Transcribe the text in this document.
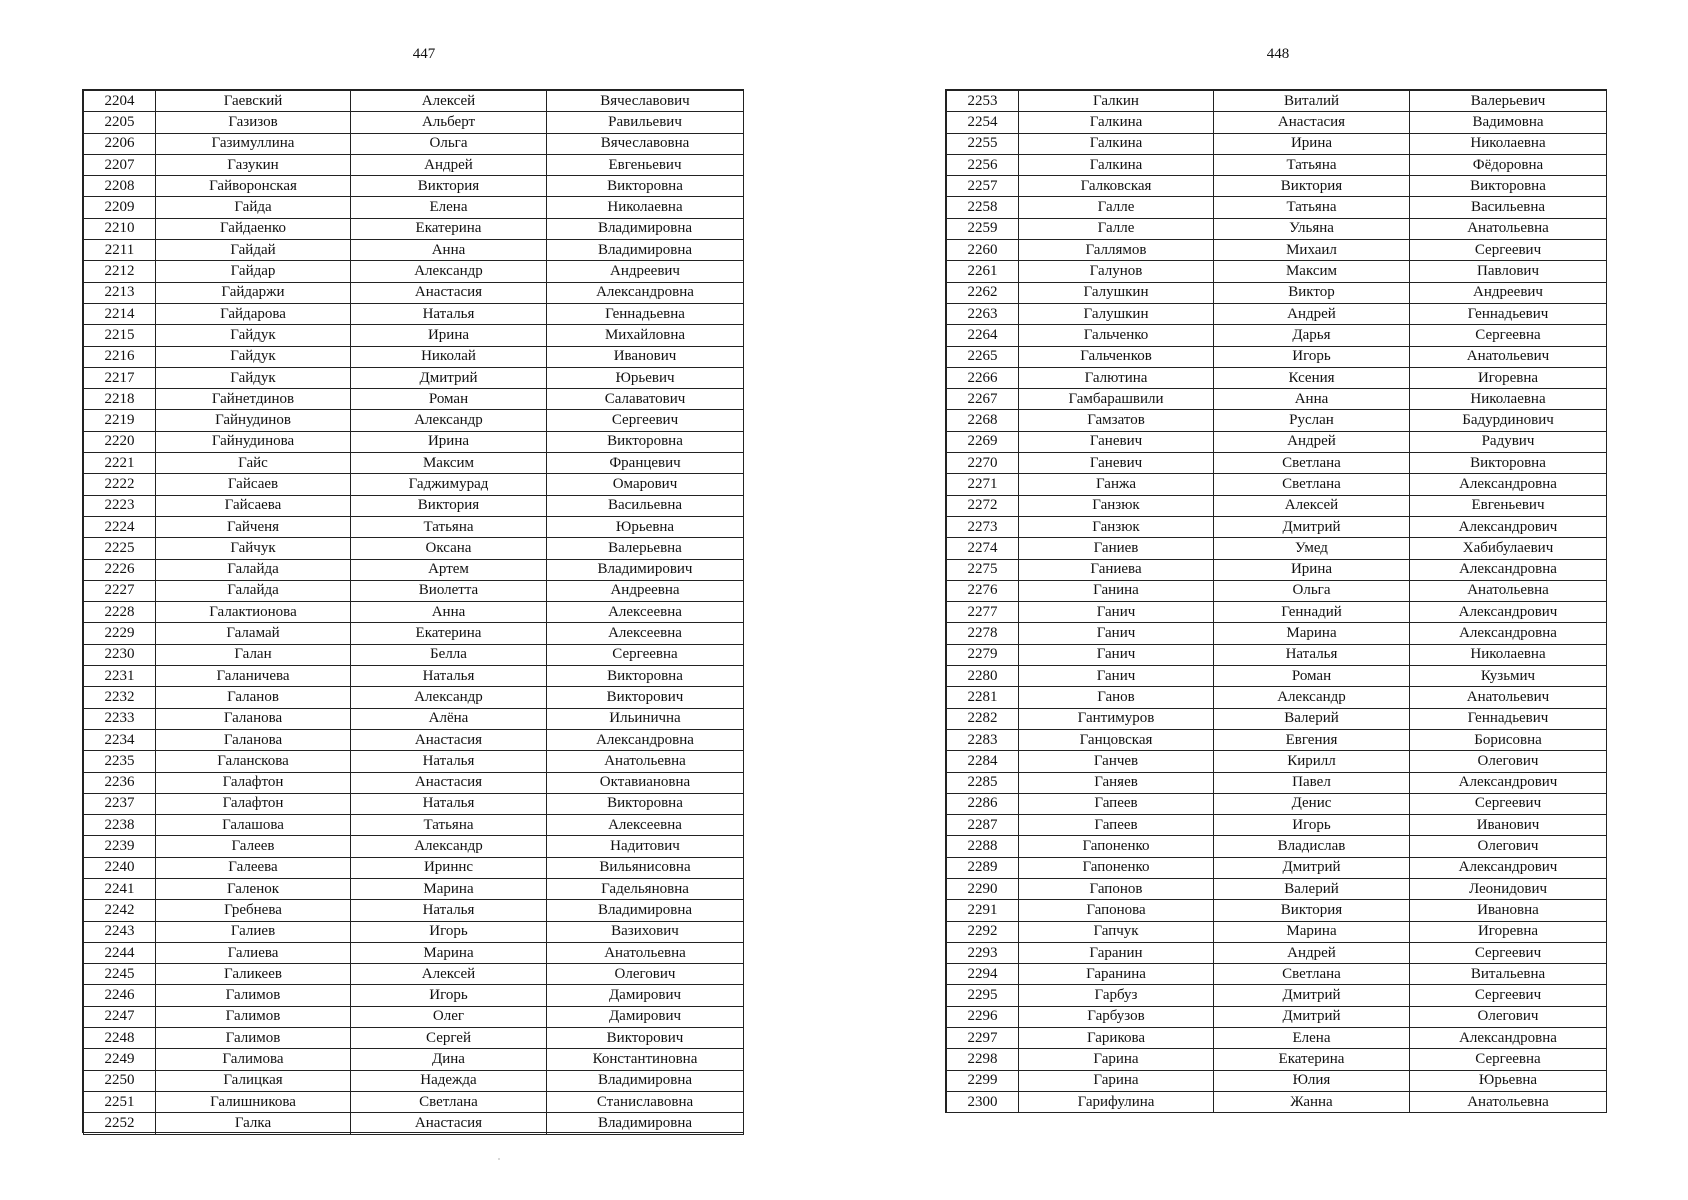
447	448
2204	Гаевский	Алексей	Вячеславович
2205	Газизов	Альберт	Равильевич
2206	Газимуллина	Ольга	Вячеславовна
2207	Газукин	Андрей	Евгеньевич
2208	Гайворонская	Виктория	Викторовна
2209	Гайда	Елена	Николаевна
2210	Гайдаенко	Екатерина	Владимировна
2211	Гайдай	Анна	Владимировна
2212	Гайдар	Александр	Андреевич
2213	Гайдаржи	Анастасия	Александровна
2214	Гайдарова	Наталья	Геннадьевна
2215	Гайдук	Ирина	Михайловна
2216	Гайдук	Николай	Иванович
2217	Гайдук	Дмитрий	Юрьевич
2218	Гайнетдинов	Роман	Салаватович
2219	Гайнудинов	Александр	Сергеевич
2220	Гайнудинова	Ирина	Викторовна
2221	Гайс	Максим	Францевич
2222	Гайсаев	Гаджимурад	Омарович
2223	Гайсаева	Виктория	Васильевна
2224	Гайченя	Татьяна	Юрьевна
2225	Гайчук	Оксана	Валерьевна
2226	Галайда	Артем	Владимирович
2227	Галайда	Виолетта	Андреевна
2228	Галактионова	Анна	Алексеевна
2229	Галамай	Екатерина	Алексеевна
2230	Галан	Белла	Сергеевна
2231	Галаничева	Наталья	Викторовна
2232	Галанов	Александр	Викторович
2233	Галанова	Алёна	Ильинична
2234	Галанова	Анастасия	Александровна
2235	Галанскова	Наталья	Анатольевна
2236	Галафтон	Анастасия	Октавиановна
2237	Галафтон	Наталья	Викторовна
2238	Галашова	Татьяна	Алексеевна
2239	Галеев	Александр	Надитович
2240	Галеева	Ириннс	Вильянисовна
2241	Галенок	Марина	Гадельяновна
2242	Гребнева	Наталья	Владимировна
2243	Галиев	Игорь	Вазихович
2244	Галиева	Марина	Анатольевна
2245	Галикеев	Алексей	Олегович
2246	Галимов	Игорь	Дамирович
2247	Галимов	Олег	Дамирович
2248	Галимов	Сергей	Викторович
2249	Галимова	Дина	Константиновна
2250	Галицкая	Надежда	Владимировна
2251	Галишникова	Светлана	Станиславовна
2252	Галка	Анастасия	Владимировна
2253	Галкин	Виталий	Валерьевич
2254	Галкина	Анастасия	Вадимовна
2255	Галкина	Ирина	Николаевна
2256	Галкина	Татьяна	Фёдоровна
2257	Галковская	Виктория	Викторовна
2258	Галле	Татьяна	Васильевна
2259	Галле	Ульяна	Анатольевна
2260	Галлямов	Михаил	Сергеевич
2261	Галунов	Максим	Павлович
2262	Галушкин	Виктор	Андреевич
2263	Галушкин	Андрей	Геннадьевич
2264	Гальченко	Дарья	Сергеевна
2265	Гальченков	Игорь	Анатольевич
2266	Галютина	Ксения	Игоревна
2267	Гамбарашвили	Анна	Николаевна
2268	Гамзатов	Руслан	Бадурдинович
2269	Ганевич	Андрей	Радувич
2270	Ганевич	Светлана	Викторовна
2271	Ганжа	Светлана	Александровна
2272	Ганзюк	Алексей	Евгеньевич
2273	Ганзюк	Дмитрий	Александрович
2274	Ганиев	Умед	Хабибулаевич
2275	Ганиева	Ирина	Александровна
2276	Ганина	Ольга	Анатольевна
2277	Ганич	Геннадий	Александрович
2278	Ганич	Марина	Александровна
2279	Ганич	Наталья	Николаевна
2280	Ганич	Роман	Кузьмич
2281	Ганов	Александр	Анатольевич
2282	Гантимуров	Валерий	Геннадьевич
2283	Ганцовская	Евгения	Борисовна
2284	Ганчев	Кирилл	Олегович
2285	Ганяев	Павел	Александрович
2286	Гапеев	Денис	Сергеевич
2287	Гапеев	Игорь	Иванович
2288	Гапоненко	Владислав	Олегович
2289	Гапоненко	Дмитрий	Александрович
2290	Гапонов	Валерий	Леонидович
2291	Гапонова	Виктория	Ивановна
2292	Гапчук	Марина	Игоревна
2293	Гаранин	Андрей	Сергеевич
2294	Гаранина	Светлана	Витальевна
2295	Гарбуз	Дмитрий	Сергеевич
2296	Гарбузов	Дмитрий	Олегович
2297	Гарикова	Елена	Александровна
2298	Гарина	Екатерина	Сергеевна
2299	Гарина	Юлия	Юрьевна
2300	Гарифулина	Жанна	Анатольевна
